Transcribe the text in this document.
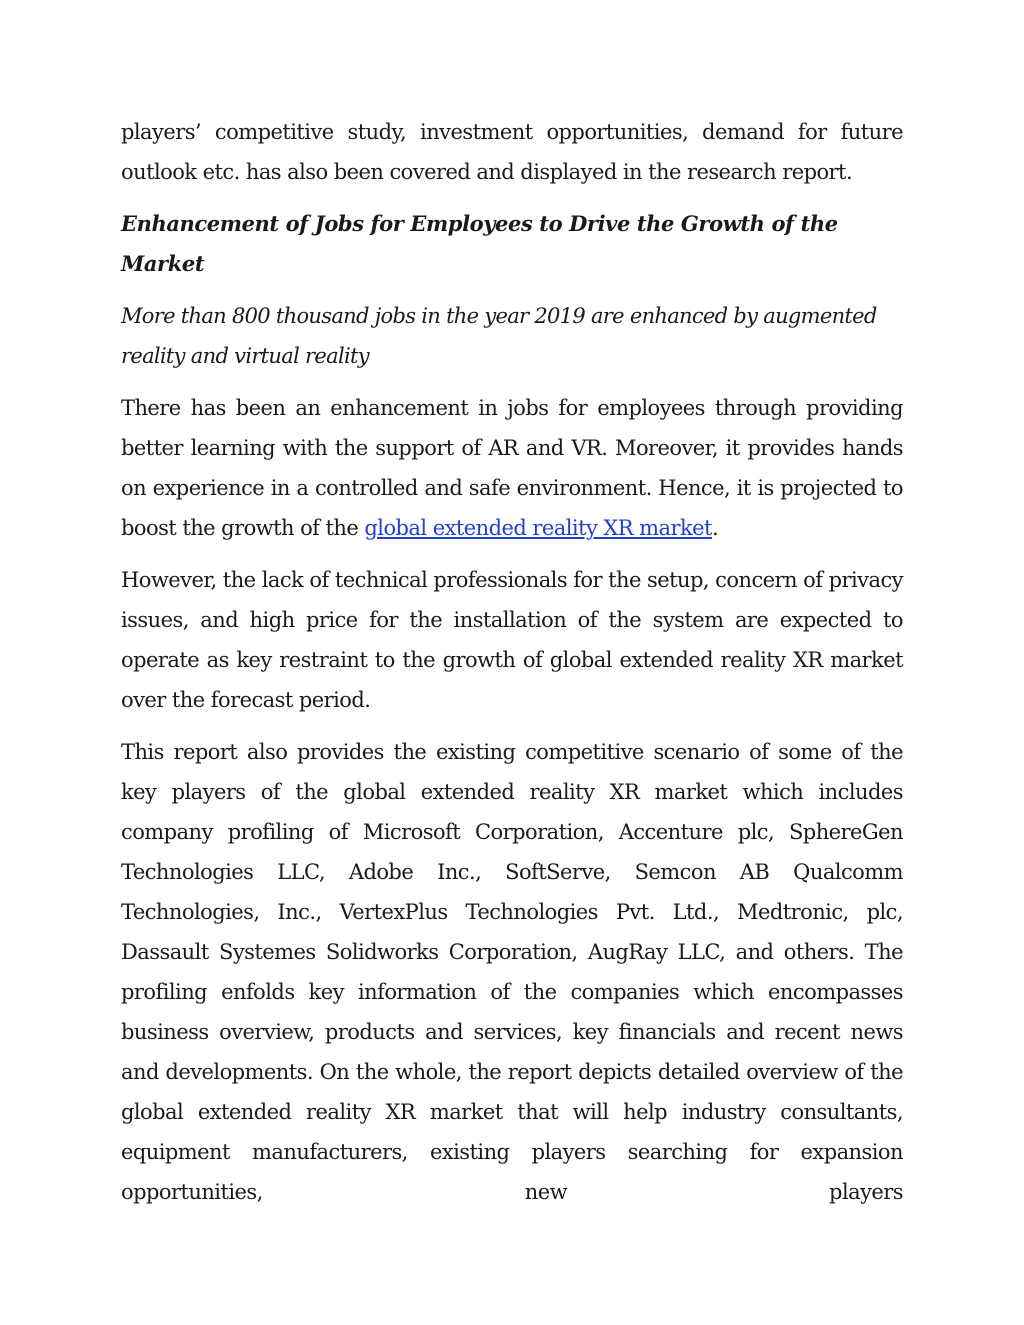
players’ competitive study, investment opportunities, demand for future outlook etc. has also been covered and displayed in the research report.

Enhancement of Jobs for Employees to Drive the Growth of the Market

More than 800 thousand jobs in the year 2019 are enhanced by augmented reality and virtual reality

There has been an enhancement in jobs for employees through providing better learning with the support of AR and VR. Moreover, it provides hands on experience in a controlled and safe environment. Hence, it is projected to boost the growth of the global extended reality XR market.

However, the lack of technical professionals for the setup, concern of privacy issues, and high price for the installation of the system are expected to operate as key restraint to the growth of global extended reality XR market over the forecast period.

This report also provides the existing competitive scenario of some of the key players of the global extended reality XR market which includes company profiling of Microsoft Corporation, Accenture plc, SphereGen Technologies LLC, Adobe Inc., SoftServe, Semcon AB Qualcomm Technologies, Inc., VertexPlus Technologies Pvt. Ltd., Medtronic, plc, Dassault Systemes Solidworks Corporation, AugRay LLC, and others. The profiling enfolds key information of the companies which encompasses business overview, products and services, key financials and recent news and developments. On the whole, the report depicts detailed overview of the global extended reality XR market that will help industry consultants, equipment manufacturers, existing players searching for expansion opportunities, new players
